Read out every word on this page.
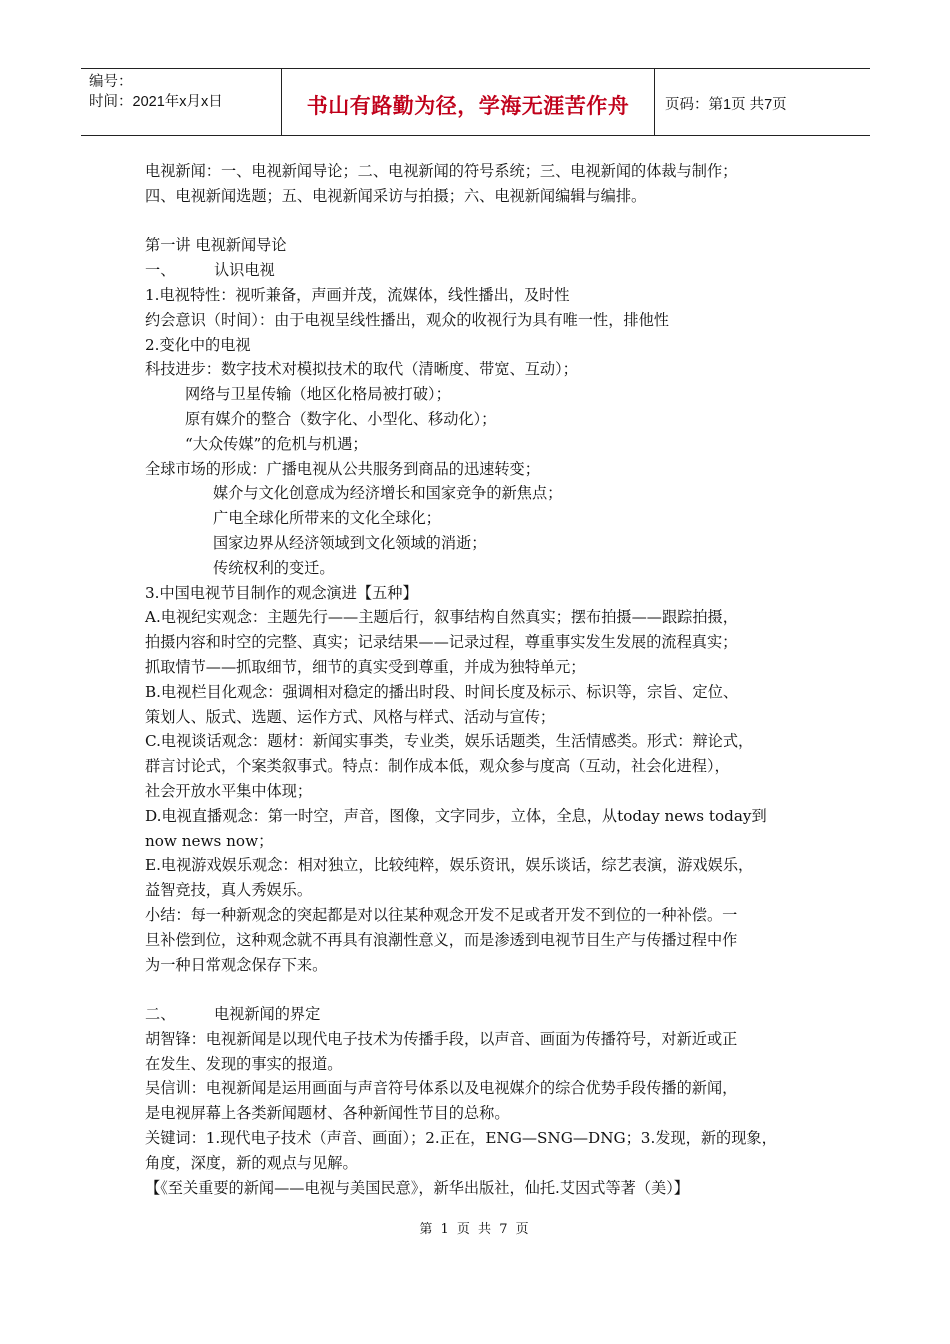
编号：
时间：2021年x月x日	书山有路勤为径，学海无涯苦作舟 页码：第1页 共7页
电视新闻：一、电视新闻导论；二、电视新闻的符号系统；三、电视新闻的体裁与制作；
四、电视新闻选题；五、电视新闻采访与拍摄；六、电视新闻编辑与编排。
第一讲 电视新闻导论
一、        认识电视
1.电视特性：视听兼备，声画并茂，流媒体，线性播出，及时性
约会意识（时间）：由于电视呈线性播出，观众的收视行为具有唯一性，排他性
2.变化中的电视
科技进步：数字技术对模拟技术的取代（清晰度、带宽、互动）；
网络与卫星传输（地区化格局被打破）；
原有媒介的整合（数字化、小型化、移动化）；
“大众传媒”的危机与机遇；
全球市场的形成：广播电视从公共服务到商品的迅速转变；
媒介与文化创意成为经济增长和国家竞争的新焦点；
广电全球化所带来的文化全球化；
国家边界从经济领域到文化领域的消逝；
传统权利的变迁。
3.中国电视节目制作的观念演进【五种】
A.电视纪实观念：主题先行——主题后行，叙事结构自然真实；摆布拍摄——跟踪拍摄，
拍摄内容和时空的完整、真实；记录结果——记录过程，尊重事实发生发展的流程真实；
抓取情节——抓取细节，细节的真实受到尊重，并成为独特单元；
B.电视栏目化观念：强调相对稳定的播出时段、时间长度及标示、标识等，宗旨、定位、
策划人、版式、选题、运作方式、风格与样式、活动与宣传；
C.电视谈话观念：题材：新闻实事类，专业类，娱乐话题类，生活情感类。形式：辩论式，
群言讨论式，个案类叙事式。特点：制作成本低，观众参与度高（互动，社会化进程），
社会开放水平集中体现；
D.电视直播观念：第一时空，声音，图像，文字同步，立体，全息，从today news today到
now news now；
E.电视游戏娱乐观念：相对独立，比较纯粹，娱乐资讯，娱乐谈话，综艺表演，游戏娱乐，
益智竞技，真人秀娱乐。
小结：每一种新观念的突起都是对以往某种观念开发不足或者开发不到位的一种补偿。一
旦补偿到位，这种观念就不再具有浪潮性意义，而是渗透到电视节目生产与传播过程中作
为一种日常观念保存下来。
二、        电视新闻的界定
胡智锋：电视新闻是以现代电子技术为传播手段，以声音、画面为传播符号，对新近或正
在发生、发现的事实的报道。
吴信训：电视新闻是运用画面与声音符号体系以及电视媒介的综合优势手段传播的新闻，
是电视屏幕上各类新闻题材、各种新闻性节目的总称。
关键词：1.现代电子技术（声音、画面）；2.正在，ENG—SNG—DNG；3.发现，新的现象，
角度，深度，新的观点与见解。
【《至关重要的新闻——电视与美国民意》，新华出版社，仙托.艾因式等著（美）】
第 1 页 共 7 页
